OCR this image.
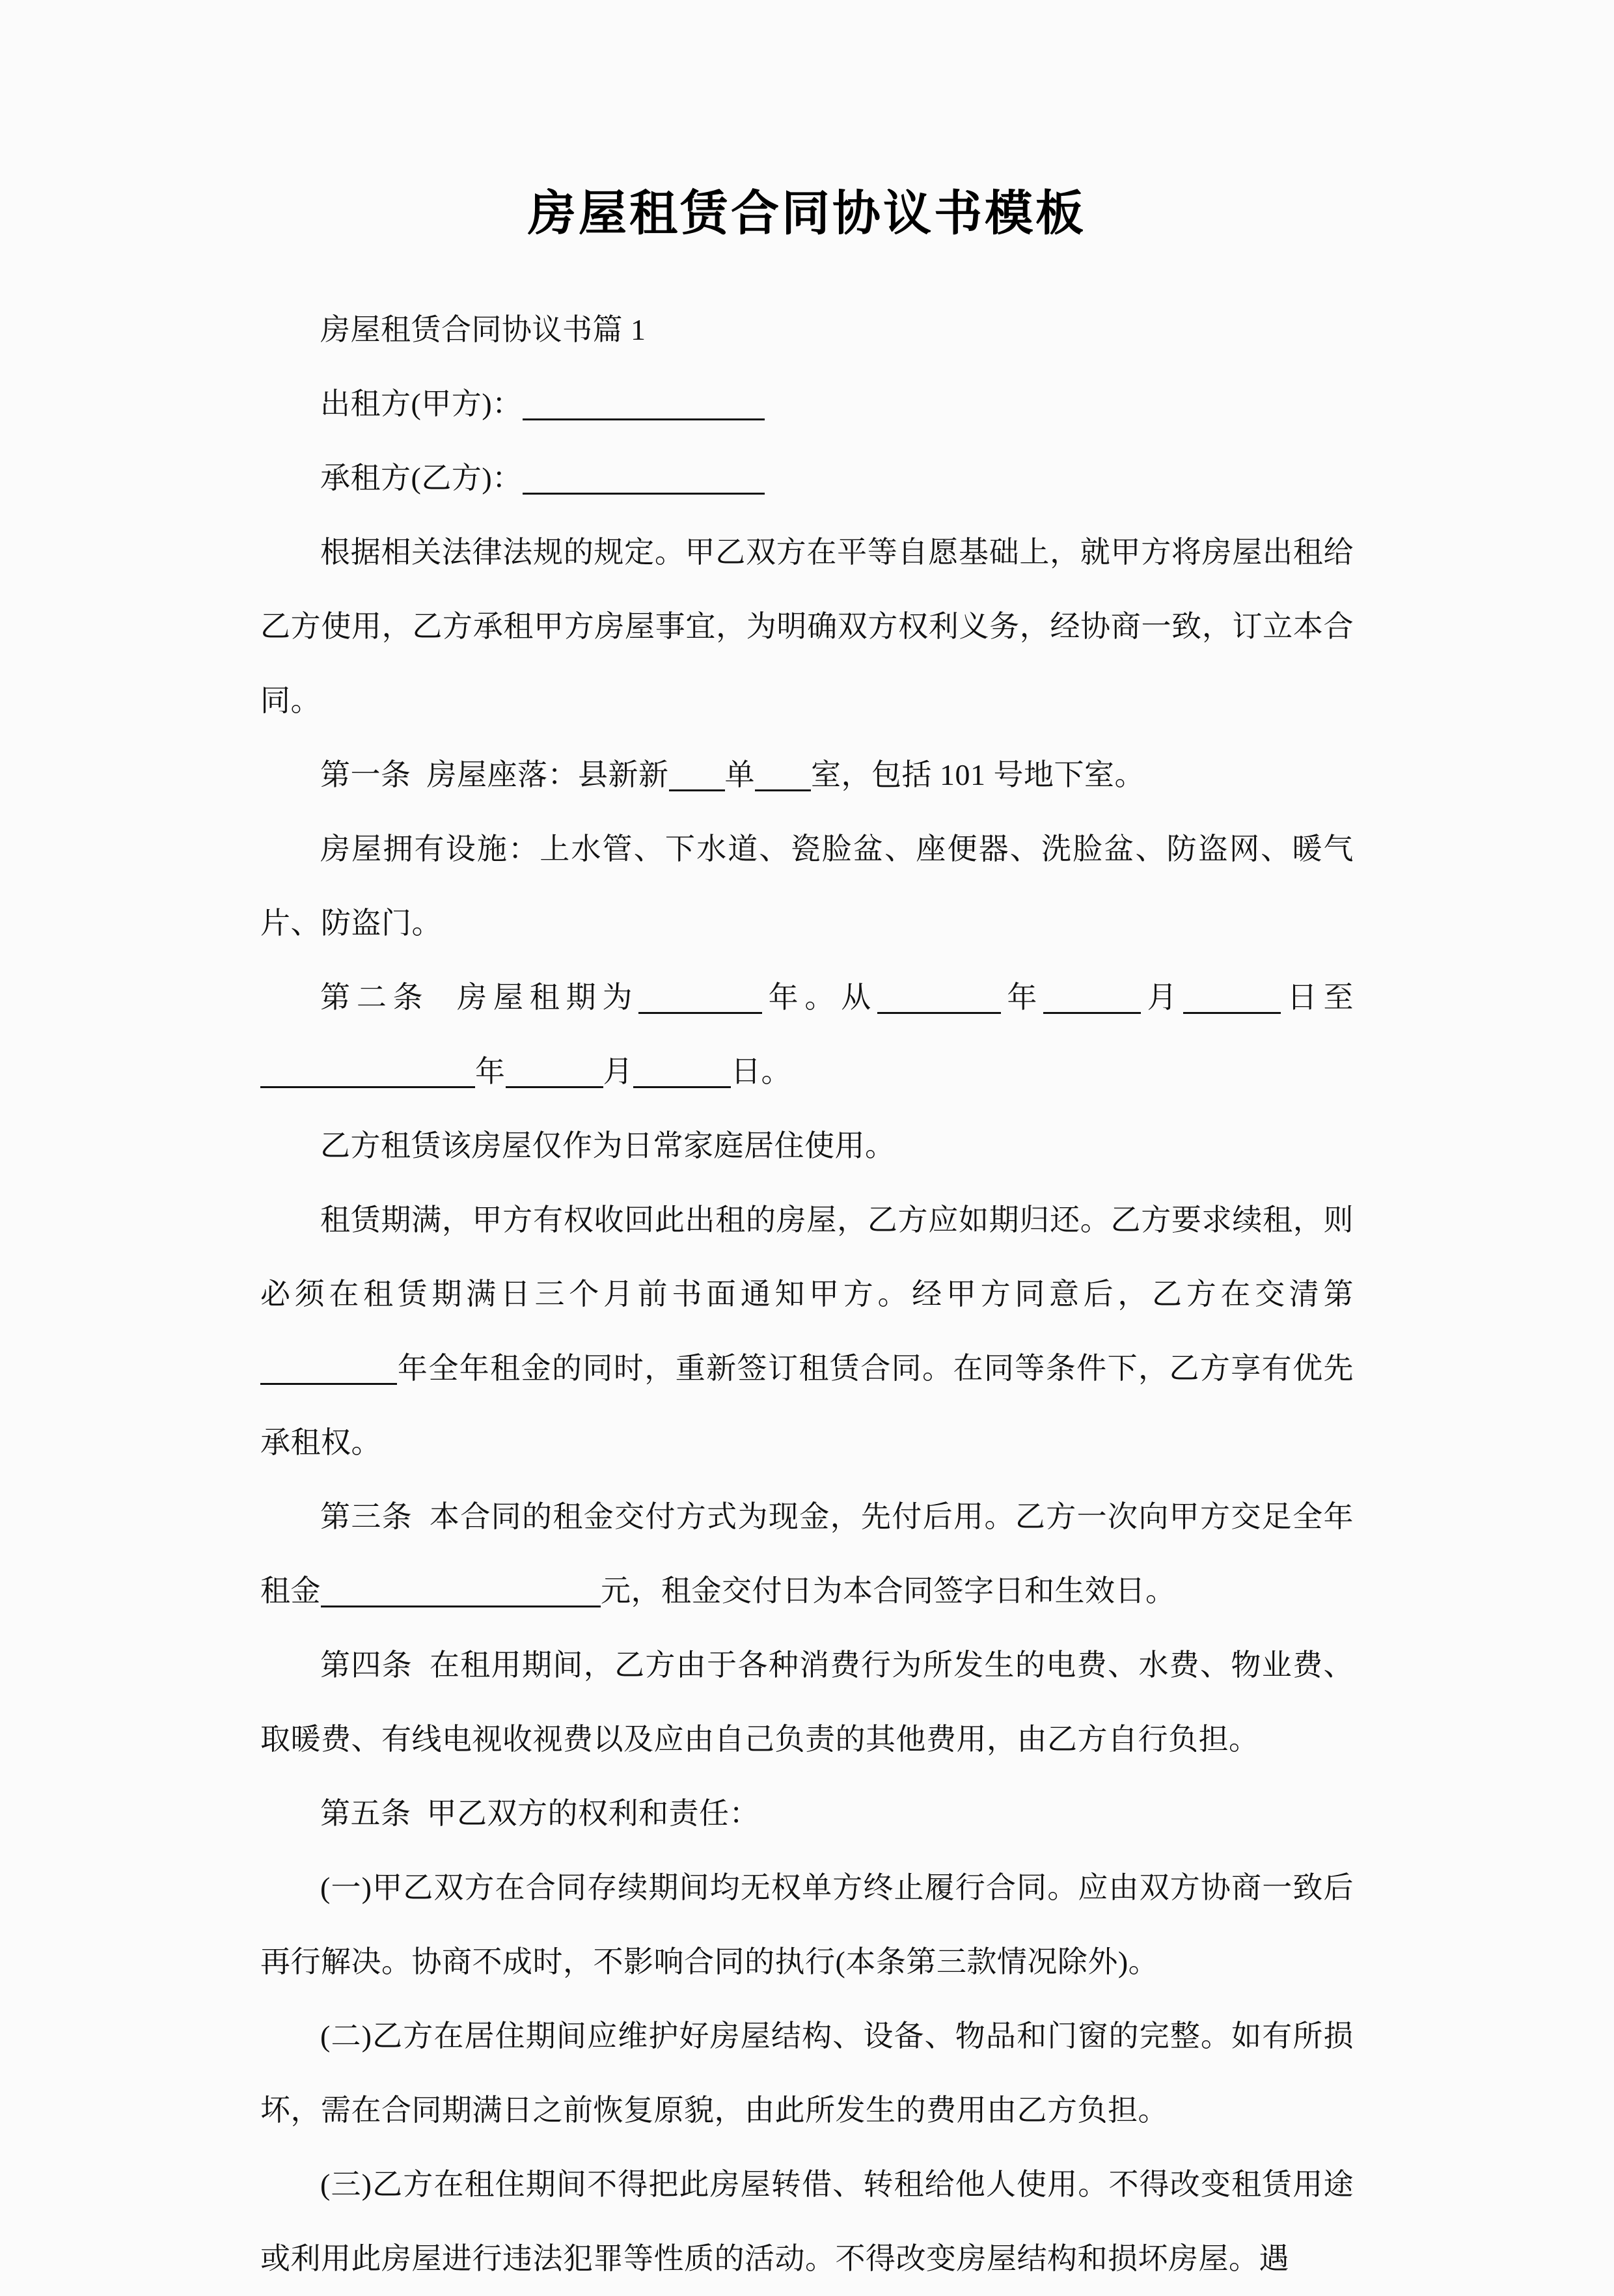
房屋租赁合同协议书模板

房屋租赁合同协议书篇 1

出租方(甲方)：

承租方(乙方)：

根据相关法律法规的规定。甲乙双方在平等自愿基础上，就甲方将房屋出租给乙方使用，乙方承租甲方房屋事宜，为明确双方权利义务，经协商一致，订立本合同。

第一条 房屋座落：县新新 单 室，包括 101 号地下室。

房屋拥有设施：上水管、下水道、瓷脸盆、座便器、洗脸盆、防盗网、暖气片、防盗门。

第二条 房屋租期为	年。从	年	月	日至年	月	日。

乙方租赁该房屋仅作为日常家庭居住使用。

租赁期满，甲方有权收回此出租的房屋，乙方应如期归还。乙方要求续租，则必须在租赁期满日三个月前书面通知甲方。经甲方同意后，乙方在交清第年全年租金的同时，重新签订租赁合同。在同等条件下，乙方享有优先承租权。

第三条 本合同的租金交付方式为现金，先付后用。乙方一次向甲方交足全年租金	元，租金交付日为本合同签字日和生效日。

第四条 在租用期间，乙方由于各种消费行为所发生的电费、水费、物业费、取暖费、有线电视收视费以及应由自己负责的其他费用，由乙方自行负担。

第五条 甲乙双方的权利和责任：

(一)甲乙双方在合同存续期间均无权单方终止履行合同。应由双方协商一致后再行解决。协商不成时，不影响合同的执行(本条第三款情况除外)。

(二)乙方在居住期间应维护好房屋结构、设备、物品和门窗的完整。如有所损坏，需在合同期满日之前恢复原貌，由此所发生的费用由乙方负担。

(三)乙方在租住期间不得把此房屋转借、转租给他人使用。不得改变租赁用途或利用此房屋进行违法犯罪等性质的活动。不得改变房屋结构和损坏房屋。遇
